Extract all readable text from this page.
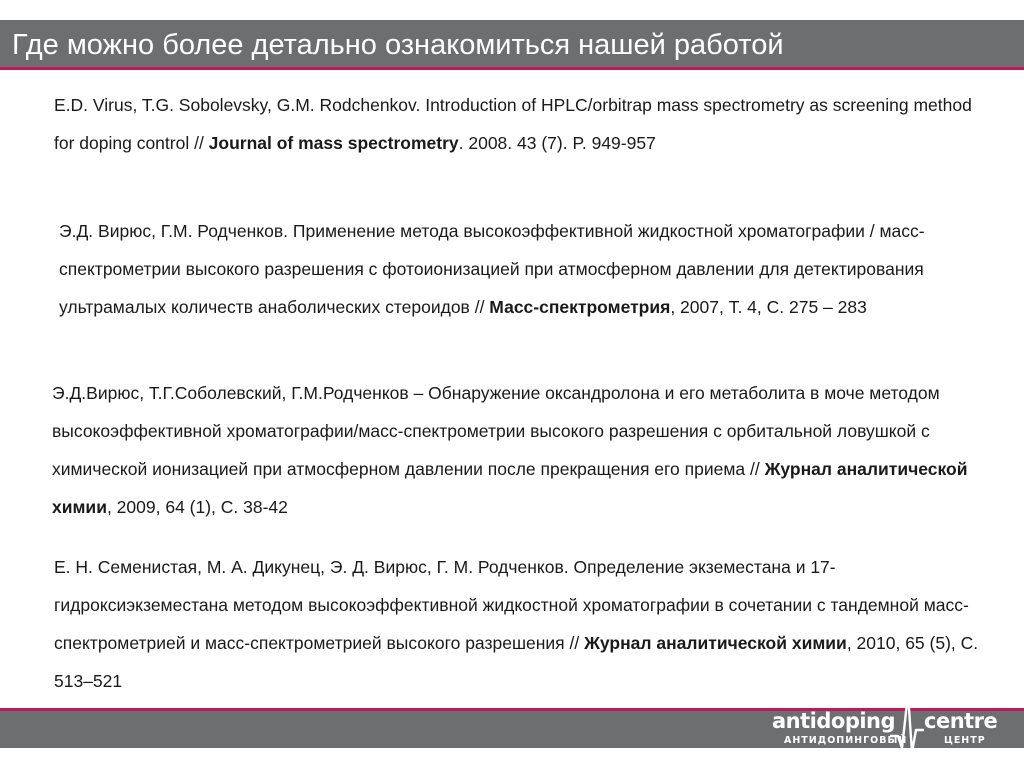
Где можно более детально ознакомиться нашей работой
E.D. Virus, T.G. Sobolevsky, G.M. Rodchenkov. Introduction of HPLC/orbitrap mass spectrometry as screening method for doping control // Journal of mass spectrometry. 2008. 43 (7). P. 949-957
Э.Д. Вирюс, Г.М. Родченков. Применение метода высокоэффективной жидкостной хроматографии / масс-спектрометрии высокого разрешения с фотоионизацией при атмосферном давлении для детектирования ультрамалых количеств анаболических стероидов // Масс-спектрометрия, 2007, Т. 4, С. 275 – 283
Э.Д.Вирюс, Т.Г.Соболевский, Г.М.Родченков – Обнаружение оксандролона и его метаболита в моче методом высокоэффективной хроматографии/масс-спектрометрии высокого разрешения с орбитальной ловушкой с химической ионизацией при атмосферном давлении после прекращения его приема // Журнал аналитической химии, 2009, 64 (1), С. 38-42
Е. Н. Семенистая, М. А. Дикунец, Э. Д. Вирюс, Г. М. Родченков. Определение экземестана и 17-гидроксиэкземестана методом высокоэффективной жидкостной хроматографии в сочетании с тандемной масс-спектрометрией и масс-спектрометрией высокого разрешения // Журнал аналитической химии, 2010, 65 (5), С. 513–521
antidoping centre
АНТИДОПИНГОВЫЙ	ЦЕНТР
